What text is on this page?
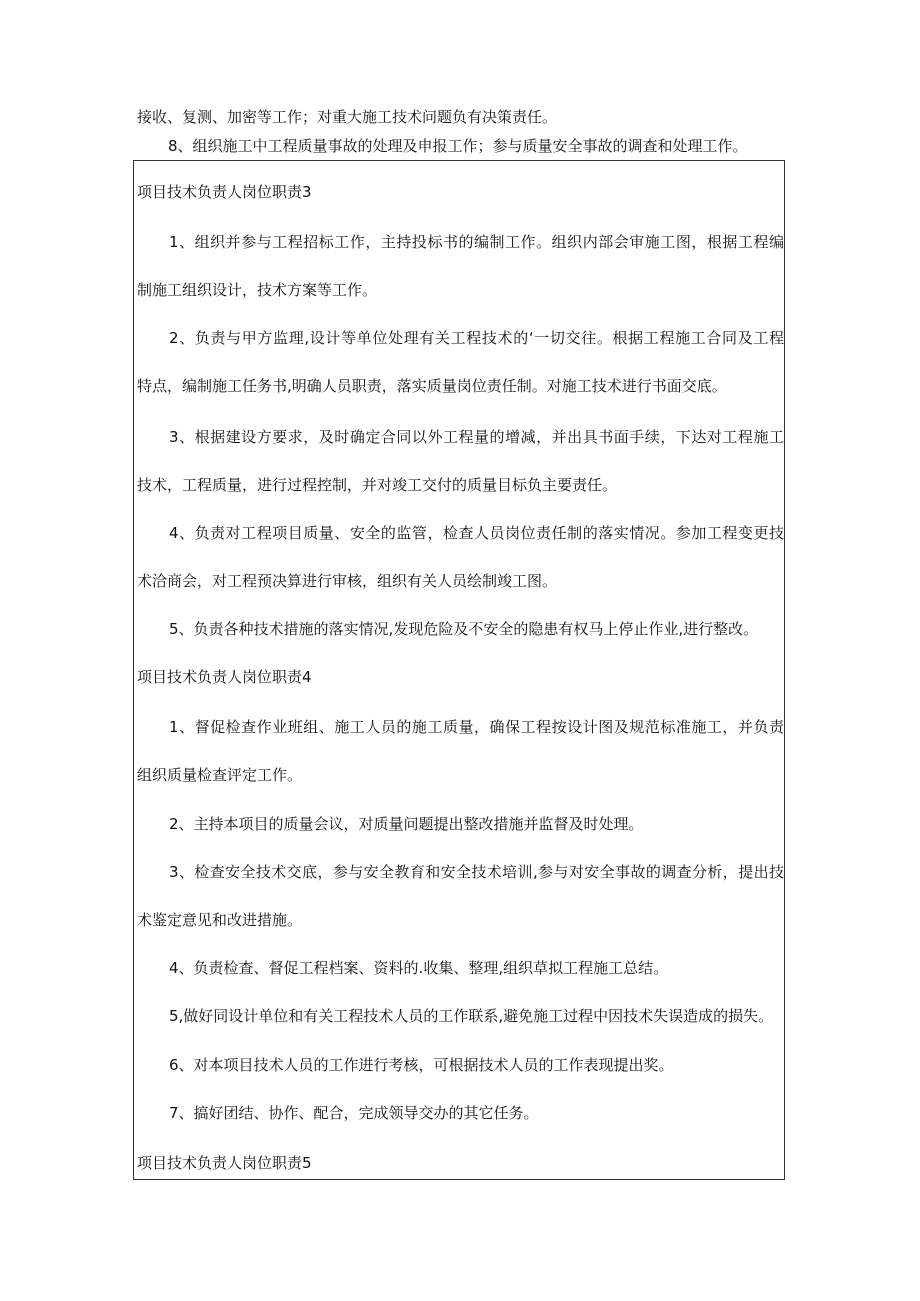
接收、复测、加密等工作；对重大施工技术问题负有决策责任。
8、组织施工中工程质量事故的处理及申报工作；参与质量安全事故的调查和处理工作。
项目技术负责人岗位职责3
1、组织并参与工程招标工作，主持投标书的编制工作。组织内部会审施工图，根据工程编
制施工组织设计，技术方案等工作。
2、负责与甲方监理,设计等单位处理有关工程技术的‘一切交往。根据工程施工合同及工程
特点，编制施工任务书,明确人员职责，落实质量岗位责任制。对施工技术进行书面交底。
3、根据建设方要求，及时确定合同以外工程量的增减，并出具书面手续，下达对工程施工
技术，工程质量，进行过程控制，并对竣工交付的质量目标负主要责任。
4、负责对工程项目质量、安全的监管，检查人员岗位责任制的落实情况。参加工程变更技
术洽商会，对工程预决算进行审核，组织有关人员绘制竣工图。
5、负责各种技术措施的落实情况,发现危险及不安全的隐患有权马上停止作业,进行整改。
项目技术负责人岗位职责4
1、督促检查作业班组、施工人员的施工质量，确保工程按设计图及规范标准施工，并负责
组织质量检查评定工作。
2、主持本项目的质量会议，对质量问题提出整改措施并监督及时处理。
3、检查安全技术交底，参与安全教育和安全技术培训,参与对安全事故的调查分析，提出技
术鉴定意见和改进措施。
4、负责检查、督促工程档案、资料的.收集、整理,组织草拟工程施工总结。
5,做好同设计单位和有关工程技术人员的工作联系,避免施工过程中因技术失误造成的损失。
6、对本项目技术人员的工作进行考核，可根据技术人员的工作表现提出奖。
7、搞好团结、协作、配合，完成领导交办的其它任务。
项目技术负责人岗位职责5
